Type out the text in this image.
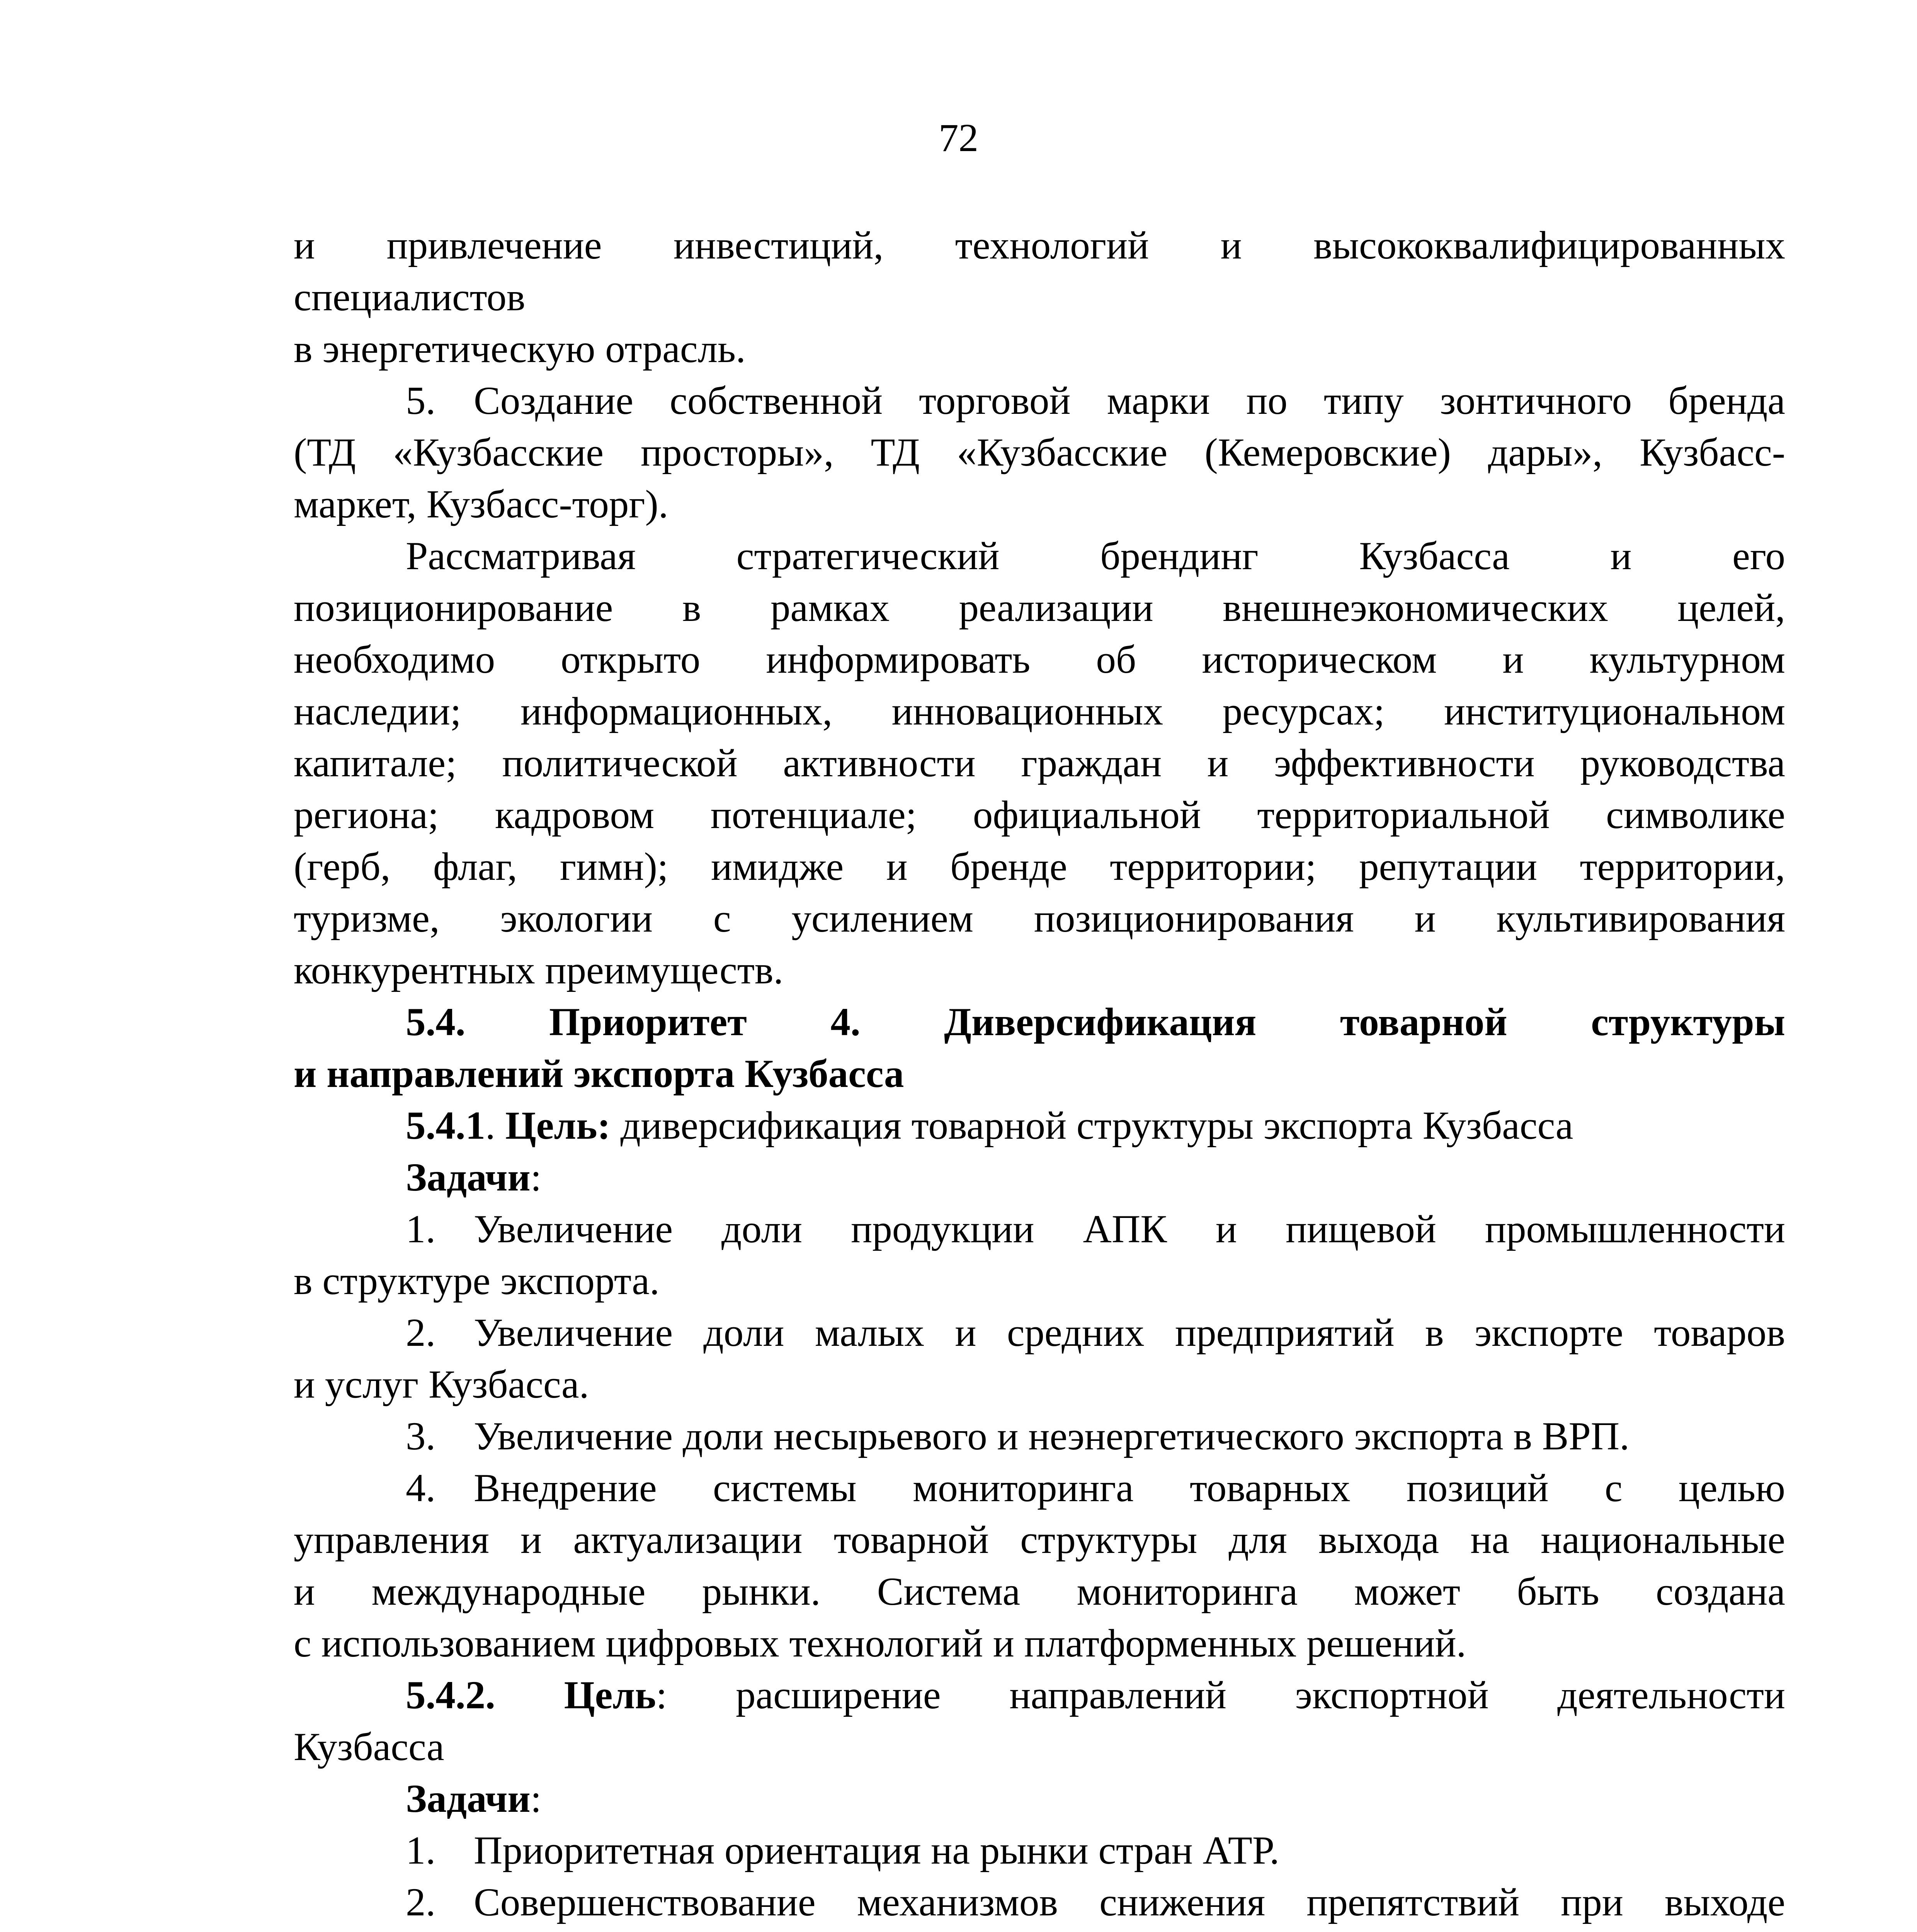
72

и привлечение инвестиций, технологий и высококвалифицированных

специалистов

в энергетическую отрасль.

5. Создание собственной торговой марки по типу зонтичного бренда

(ТД «Кузбасские просторы», ТД «Кузбасские (Кемеровские) дары», Кузбасс-

маркет, Кузбасс-торг).

Рассматривая стратегический брендинг Кузбасса и его

позиционирование в рамках реализации внешнеэкономических целей,

необходимо открыто информировать об историческом и культурном

наследии; информационных, инновационных ресурсах; институциональном

капитале; политической активности граждан и эффективности руководства

региона; кадровом потенциале; официальной территориальной символике

(герб, флаг, гимн); имидже и бренде территории; репутации территории,

туризме, экологии с усилением позиционирования и культивирования

конкурентных преимуществ.

5.4. Приоритет 4. Диверсификация товарной структуры

и направлений экспорта Кузбасса

5.4.1. Цель: диверсификация товарной структуры экспорта Кузбасса

Задачи:

1. Увеличение доли продукции АПК и пищевой промышленности

в структуре экспорта.

2. Увеличение доли малых и средних предприятий в экспорте товаров

и услуг Кузбасса.

3. Увеличение доли несырьевого и неэнергетического экспорта в ВРП.

4. Внедрение системы мониторинга товарных позиций с целью

управления и актуализации товарной структуры для выхода на национальные

и международные рынки. Система мониторинга может быть создана

с использованием цифровых технологий и платформенных решений.

5.4.2. Цель: расширение направлений экспортной деятельности

Кузбасса

Задачи:

1. Приоритетная ориентация на рынки стран АТР.

2. Совершенствование механизмов снижения препятствий при выходе
